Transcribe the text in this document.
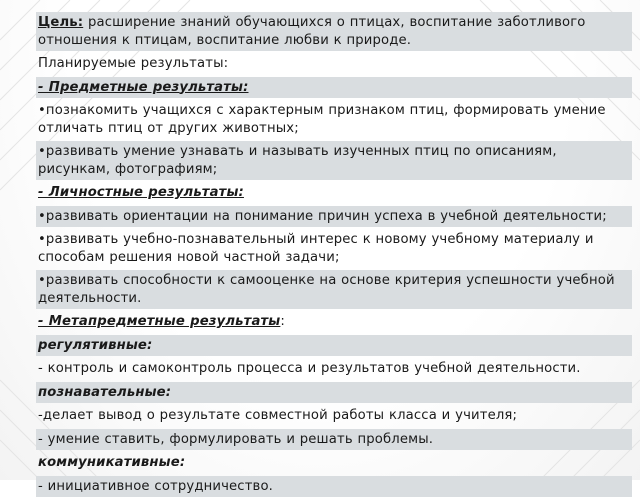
Цель: расширение знаний обучающихся о птицах, воспитание заботливого отношения к птицам, воспитание любви к природе.
Планируемые результаты:
- Предметные результаты:
•познакомить учащихся с характерным признаком птиц, формировать умение отличать птиц от других животных;
•развивать умение узнавать и называть изученных птиц по описаниям, рисункам, фотографиям;
- Личностные результаты:
•развивать ориентации на понимание причин успеха в учебной деятельности;
•развивать учебно-познавательный интерес к новому учебному материалу и способам решения новой частной задачи;
•развивать способности к самооценке на основе критерия успешности учебной деятельности.
- Метапредметные результаты:
регулятивные:
- контроль и самоконтроль процесса и результатов учебной деятельности.
познавательные:
-делает вывод о результате совместной работы класса и учителя;
- умение ставить, формулировать и решать проблемы.
коммуникативные:
- инициативное сотрудничество.
